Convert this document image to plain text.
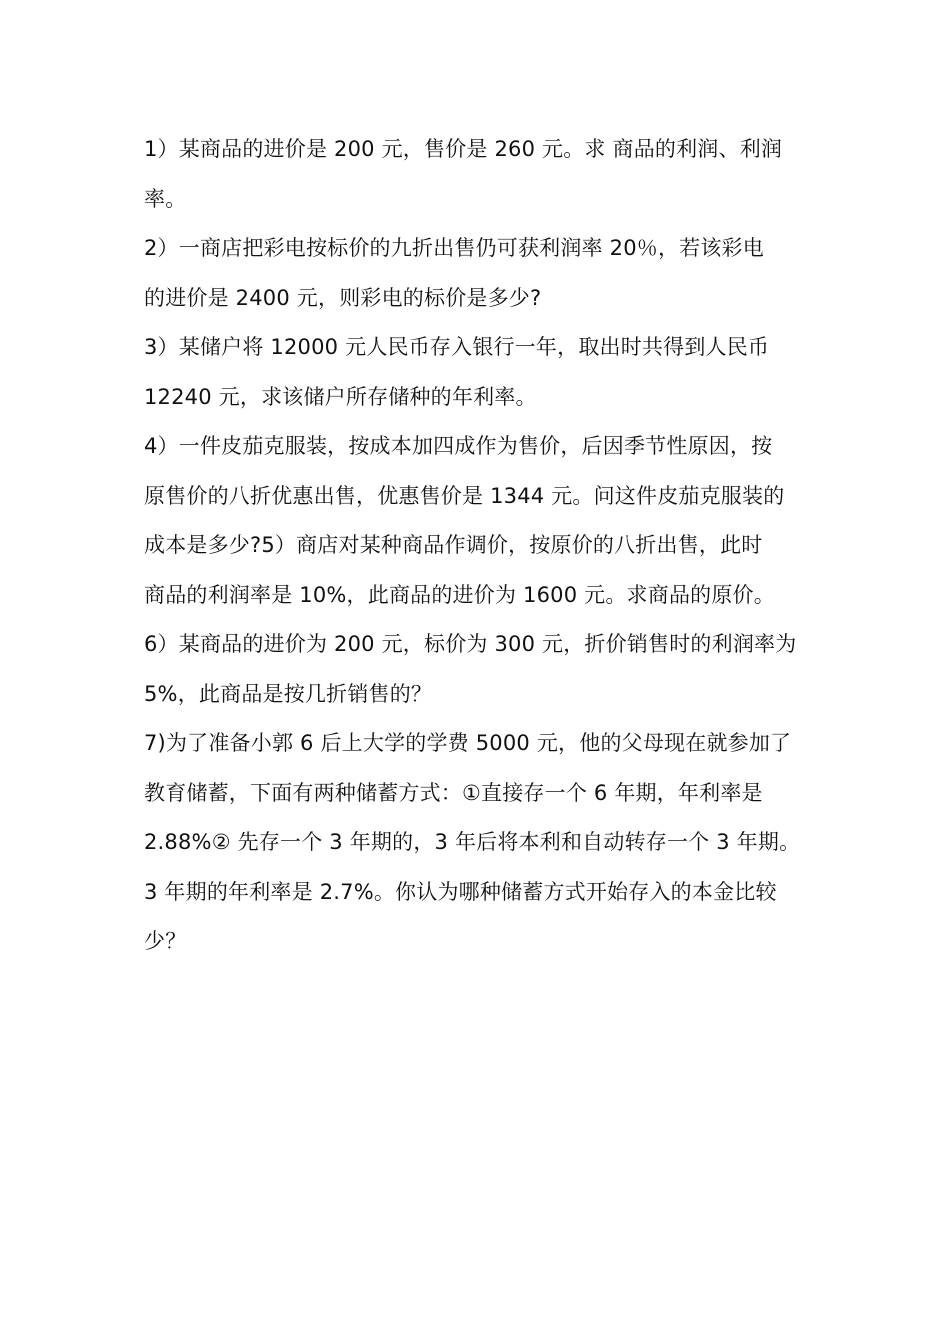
1）某商品的进价是 200 元，售价是 260 元。求 商品的利润、利润
率。
2）一商店把彩电按标价的九折出售仍可获利润率 20％，若该彩电
的进价是 2400 元，则彩电的标价是多少?
3）某储户将 12000 元人民币存入银行一年，取出时共得到人民币
12240 元，求该储户所存储种的年利率。
4）一件皮茄克服装，按成本加四成作为售价，后因季节性原因，按
原售价的八折优惠出售，优惠售价是 1344 元。问这件皮茄克服装的
成本是多少?5）商店对某种商品作调价，按原价的八折出售，此时
商品的利润率是 10%，此商品的进价为 1600 元。求商品的原价。
6）某商品的进价为 200 元，标价为 300 元，折价销售时的利润率为
5%，此商品是按几折销售的？
7)为了准备小郭 6 后上大学的学费 5000 元，他的父母现在就参加了
教育储蓄，下面有两种储蓄方式：①直接存一个 6 年期，年利率是
2.88%② 先存一个 3 年期的，3 年后将本利和自动转存一个 3 年期。
3 年期的年利率是 2.7%。你认为哪种储蓄方式开始存入的本金比较
少？
